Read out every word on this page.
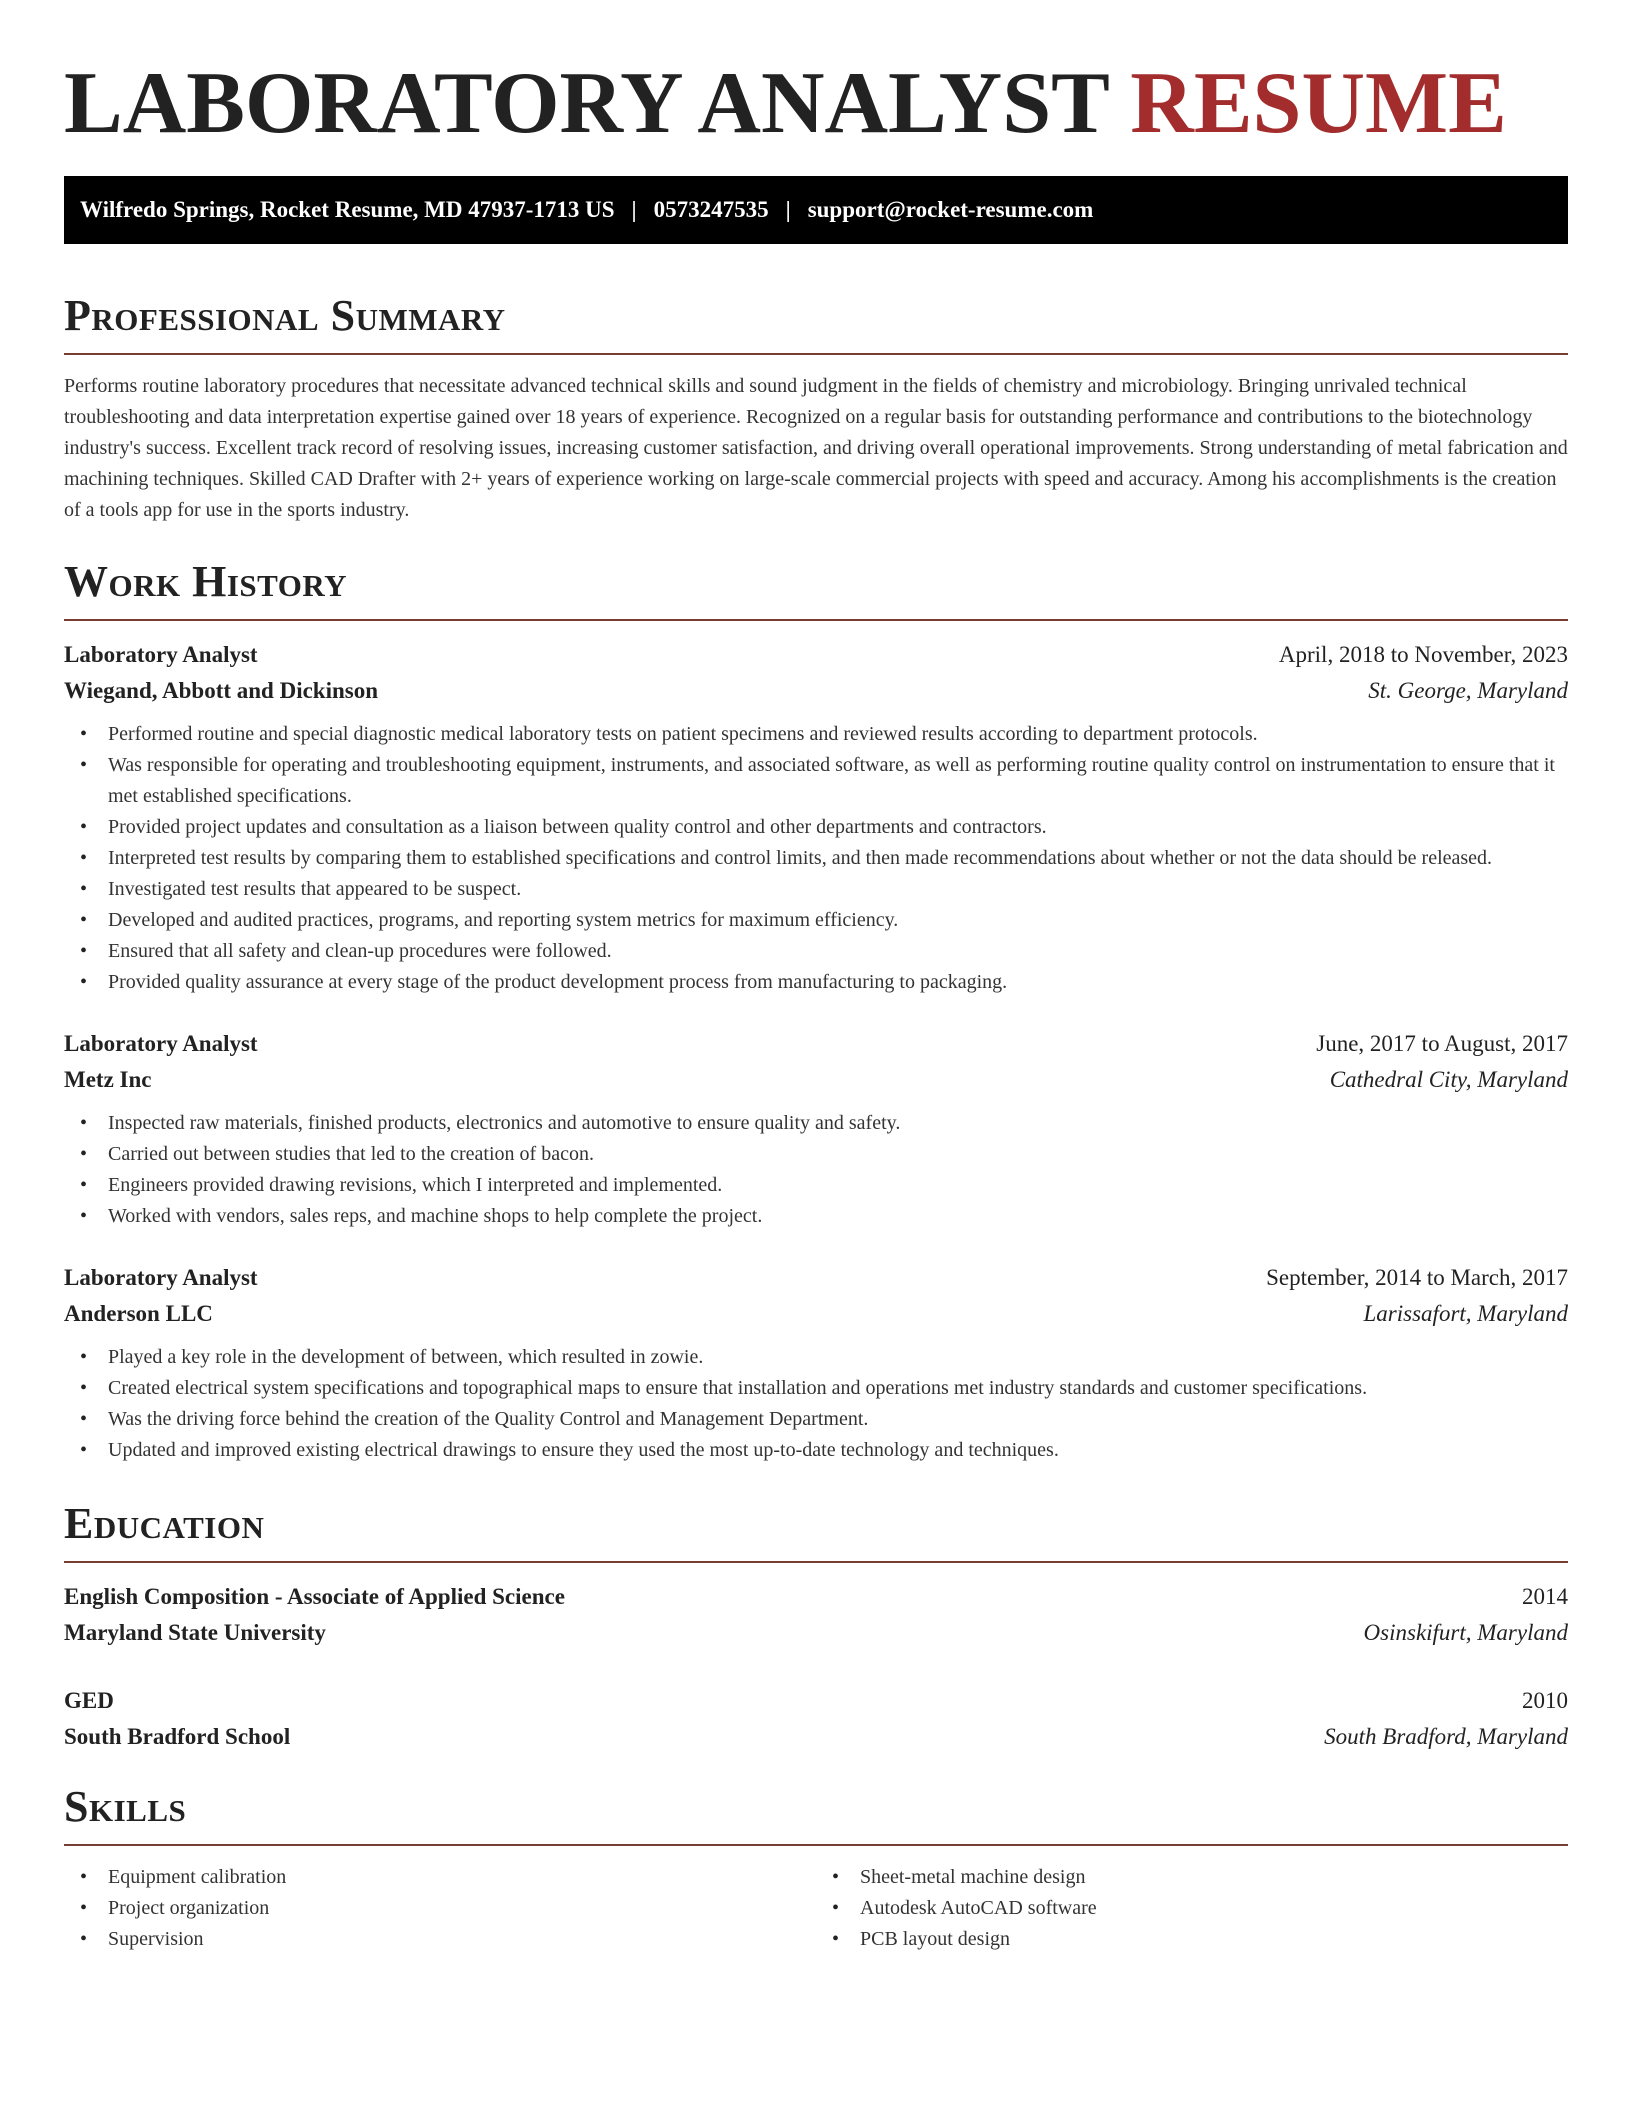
LABORATORY ANALYST RESUME
Wilfredo Springs, Rocket Resume, MD 47937-1713 US | 0573247535 | support@rocket-resume.com
Professional Summary

Performs routine laboratory procedures that necessitate advanced technical skills and sound judgment in the fields of chemistry and microbiology. Bringing unrivaled technical troubleshooting and data interpretation expertise gained over 18 years of experience. Recognized on a regular basis for outstanding performance and contributions to the biotechnology industry's success. Excellent track record of resolving issues, increasing customer satisfaction, and driving overall operational improvements. Strong understanding of metal fabrication and machining techniques. Skilled CAD Drafter with 2+ years of experience working on large-scale commercial projects with speed and accuracy. Among his accomplishments is the creation of a tools app for use in the sports industry.

Work History
Laboratory Analyst	April, 2018 to November, 2023
Wiegand, Abbott and Dickinson	St. George, Maryland
• Performed routine and special diagnostic medical laboratory tests on patient specimens and reviewed results according to department protocols.
• Was responsible for operating and troubleshooting equipment, instruments, and associated software, as well as performing routine quality control on instrumentation to ensure that it met established specifications.
• Provided project updates and consultation as a liaison between quality control and other departments and contractors.
• Interpreted test results by comparing them to established specifications and control limits, and then made recommendations about whether or not the data should be released.
• Investigated test results that appeared to be suspect.
• Developed and audited practices, programs, and reporting system metrics for maximum efficiency.
• Ensured that all safety and clean-up procedures were followed.
• Provided quality assurance at every stage of the product development process from manufacturing to packaging.
Laboratory Analyst	June, 2017 to August, 2017
Metz Inc	Cathedral City, Maryland
• Inspected raw materials, finished products, electronics and automotive to ensure quality and safety.
• Carried out between studies that led to the creation of bacon.
• Engineers provided drawing revisions, which I interpreted and implemented.
• Worked with vendors, sales reps, and machine shops to help complete the project.
Laboratory Analyst	September, 2014 to March, 2017
Anderson LLC	Larissafort, Maryland
• Played a key role in the development of between, which resulted in zowie.
• Created electrical system specifications and topographical maps to ensure that installation and operations met industry standards and customer specifications.
• Was the driving force behind the creation of the Quality Control and Management Department.
• Updated and improved existing electrical drawings to ensure they used the most up-to-date technology and techniques.
Education
English Composition - Associate of Applied Science	2014
Maryland State University	Osinskifurt, Maryland
GED	2010
South Bradford School	South Bradford, Maryland
Skills
• Equipment calibration
• Project organization
• Supervision
• Sheet-metal machine design
• Autodesk AutoCAD software
• PCB layout design
